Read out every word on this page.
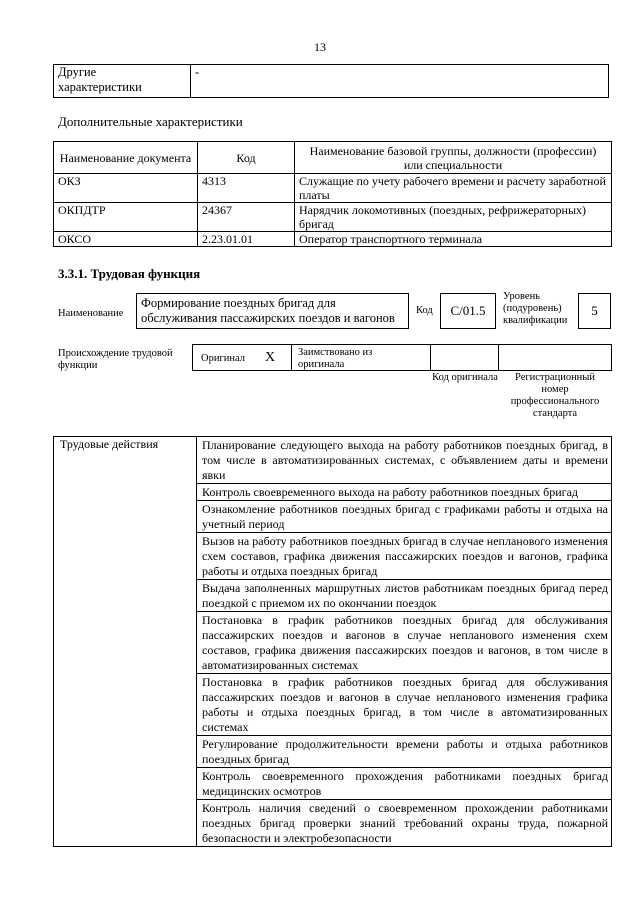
13
Другие
характеристики
	-
Дополнительные характеристики
Наименование документа	Код	Наименование базовой группы, должности (профессии) или специальности
ОКЗ	4313	Служащие по учету рабочего времени и расчету заработной платы
ОКПДТР	24367	Нарядчик локомотивных (поездных, рефрижераторных) бригад
ОКСО	2.23.01.01	Оператор транспортного терминала
3.3.1. Трудовая функция
Наименование
Формирование поездных бригад для обслуживания пассажирских поездов и вагонов
Код	С/01.5
Уровень (подуровень) квалификации
5
Происхождение трудовой функции
Оригинал X Заимствовано из оригинала
Код оригинала	Регистрационный номер профессионального стандарта
Трудовые действия	Планирование следующего выхода на работу работников поездных бригад, в том числе в автоматизированных системах, с объявлением даты и времени явки
Контроль своевременного выхода на работу работников поездных бригад
Ознакомление работников поездных бригад с графиками работы и отдыха на учетный период
Вызов на работу работников поездных бригад в случае непланового изменения схем составов, графика движения пассажирских поездов и вагонов, графика работы и отдыха поездных бригад
Выдача заполненных маршрутных листов работникам поездных бригад перед поездкой с приемом их по окончании поездок
Постановка в график работников поездных бригад для обслуживания пассажирских поездов и вагонов в случае непланового изменения схем составов, графика движения пассажирских поездов и вагонов, в том числе в автоматизированных системах
Постановка в график работников поездных бригад для обслуживания пассажирских поездов и вагонов в случае непланового изменения графика работы и отдыха поездных бригад, в том числе в автоматизированных системах
Регулирование продолжительности времени работы и отдыха работников поездных бригад
Контроль своевременного прохождения работниками поездных бригад медицинских осмотров
Контроль наличия сведений о своевременном прохождении работниками поездных бригад проверки знаний требований охраны труда, пожарной безопасности и электробезопасности
